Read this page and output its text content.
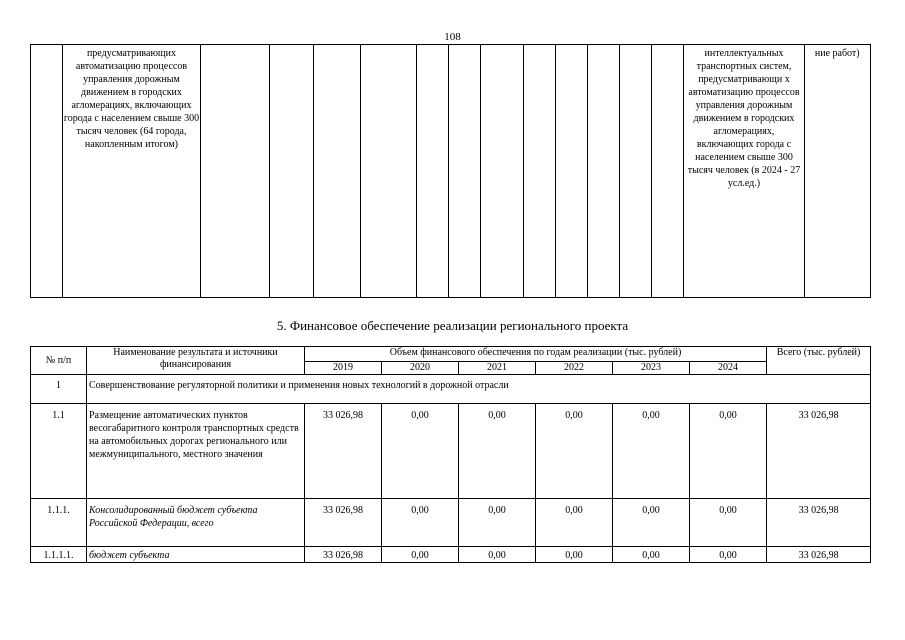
108
	предусматривающих автоматизацию процессов управления дорожным движением в городских агломерациях, включающих города с населением свыше 300 тысяч человек (64 города, накопленным итогом)													интеллектуальных транспортных систем, предусматривающи х автоматизацию процессов управления дорожным движением в городских агломерациях, включающих города с населением свыше 300 тысяч человек (в 2024 - 27 усл.ед.)	ние работ)
5. Финансовое обеспечение реализации регионального проекта
№ п/п	Наименование результата и источники финансирования	Объем финансового обеспечения по годам реализации (тыс. рублей)						Всего (тыс. рублей)
		2019	2020	2021	2022	2023	2024	
1	Совершенствование регуляторной политики и применения новых технологий в дорожной отрасли							
1.1	Размещение автоматических пунктов весогабаритного контроля транспортных средств на автомобильных дорогах регионального или межмуниципального, местного значения	33 026,98	0,00	0,00	0,00	0,00	0,00	33 026,98
1.1.1.	Консолидированный бюджет субъекта Российской Федерации, всего	33 026,98	0,00	0,00	0,00	0,00	0,00	33 026,98
1.1.1.1.	бюджет субъекта	33 026,98	0,00	0,00	0,00	0,00	0,00	33 026,98
